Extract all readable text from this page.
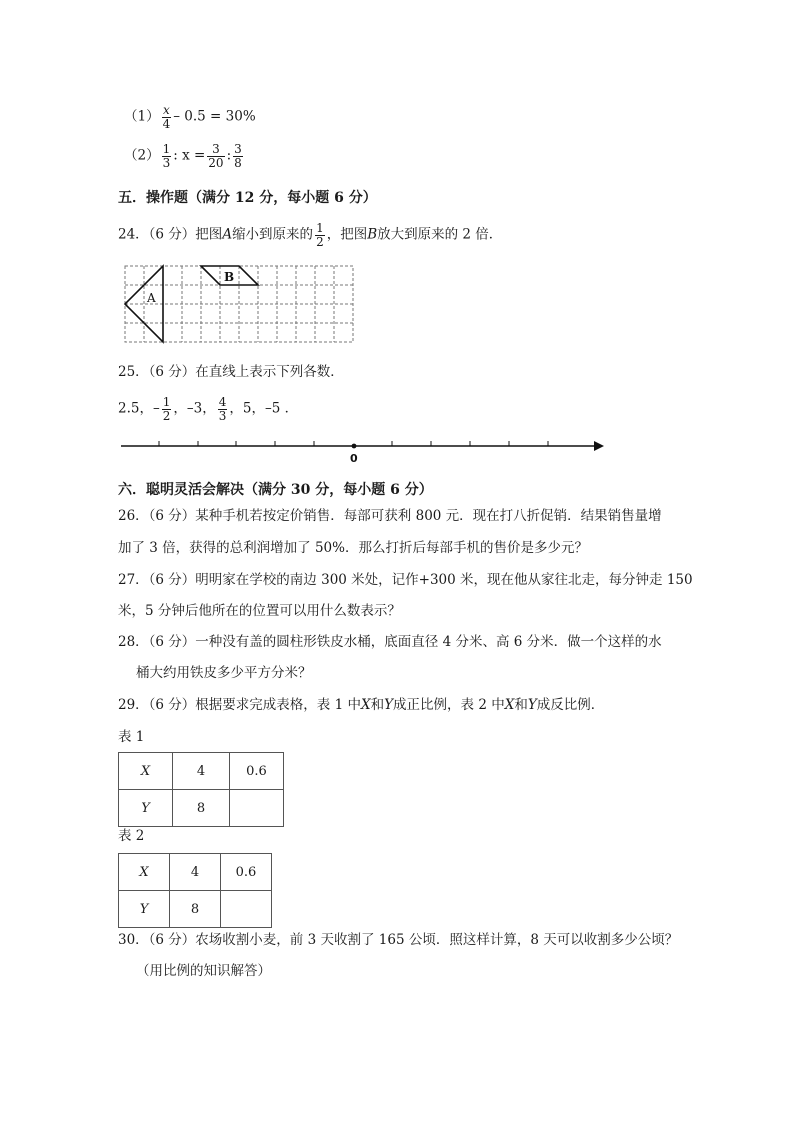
$(1) \frac{x}{4} - 0.5 = 30\%$
$(2) \frac{1}{3}$ : $x = \frac{3}{20}$ : $\frac{3}{8}$
五．操作题（满分 12 分，每小题 6 分）
24．（6 分）把图A缩小到原来的 $\frac{1}{2}$ ，把图B放大到原来的 2 倍．
A
B
25．（6 分）在直线上表示下列各数．
2.5，– $\frac{1}{2}$ ，–3， $\frac{4}{3}$ ，5，–5 ．
0
六．聪明灵活会解决（满分 30 分，每小题 6 分）
26．（6 分）某种手机若按定价销售．每部可获利 800 元．现在打八折促销．结果销售量增
加了 3 倍，获得的总利润增加了 50%．那么打折后每部手机的售价是多少元？
27．（6 分）明明家在学校的南边 300 米处，记作+300 米，现在他从家往北走，每分钟走 150
米，5 分钟后他所在的位置可以用什么数表示？
28．（6 分）一种没有盖的圆柱形铁皮水桶，底面直径 4 分米、高 6 分米．做一个这样的水
桶大约用铁皮多少平方分米？
29．（6 分）根据要求完成表格，表 1 中X和Y成正比例，表 2 中X和Y成反比例．
表 1
X	4	0.6
Y	8	
表 2
X	4	0.6
Y	8	
30．（6 分）农场收割小麦，前 3 天收割了 165 公顷．照这样计算，8 天可以收割多少公顷？
（用比例的知识解答）
